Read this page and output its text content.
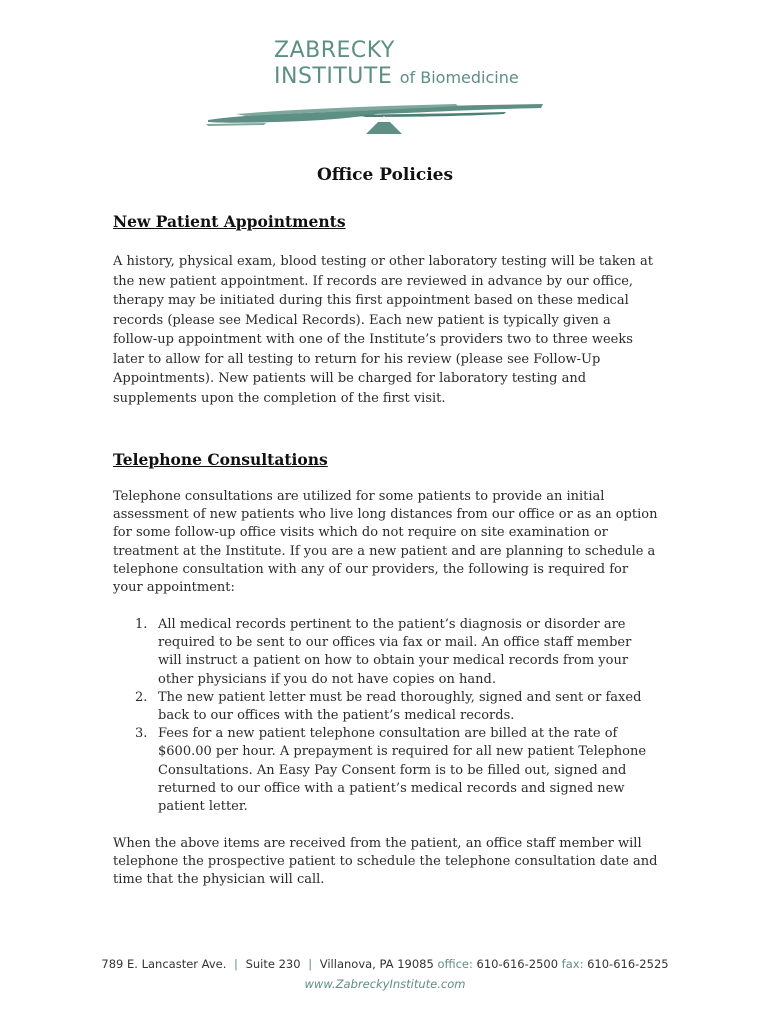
ZABRECKY
INSTITUTE of Biomedicine
Office Policies
New Patient Appointments
A history, physical exam, blood testing or other laboratory testing will be taken at the new patient appointment. If records are reviewed in advance by our office, therapy may be initiated during this first appointment based on these medical records (please see Medical Records). Each new patient is typically given a follow-up appointment with one of the Institute’s providers two to three weeks later to allow for all testing to return for his review (please see Follow-Up Appointments). New patients will be charged for laboratory testing and supplements upon the completion of the first visit.
Telephone Consultations
Telephone consultations are utilized for some patients to provide an initial assessment of new patients who live long distances from our office or as an option for some follow-up office visits which do not require on site examination or treatment at the Institute. If you are a new patient and are planning to schedule a telephone consultation with any of our providers, the following is required for your appointment:
1. All medical records pertinent to the patient’s diagnosis or disorder are required to be sent to our offices via fax or mail. An office staff member will instruct a patient on how to obtain your medical records from your other physicians if you do not have copies on hand.
2. The new patient letter must be read thoroughly, signed and sent or faxed back to our offices with the patient’s medical records.
3. Fees for a new patient telephone consultation are billed at the rate of $600.00 per hour. A prepayment is required for all new patient Telephone Consultations. An Easy Pay Consent form is to be filled out, signed and returned to our office with a patient’s medical records and signed new patient letter.
When the above items are received from the patient, an office staff member will telephone the prospective patient to schedule the telephone consultation date and time that the physician will call.
789 E. Lancaster Ave. | Suite 230 | Villanova, PA 19085 office: 610-616-2500 fax: 610-616-2525
www.ZabreckyInstitute.com
